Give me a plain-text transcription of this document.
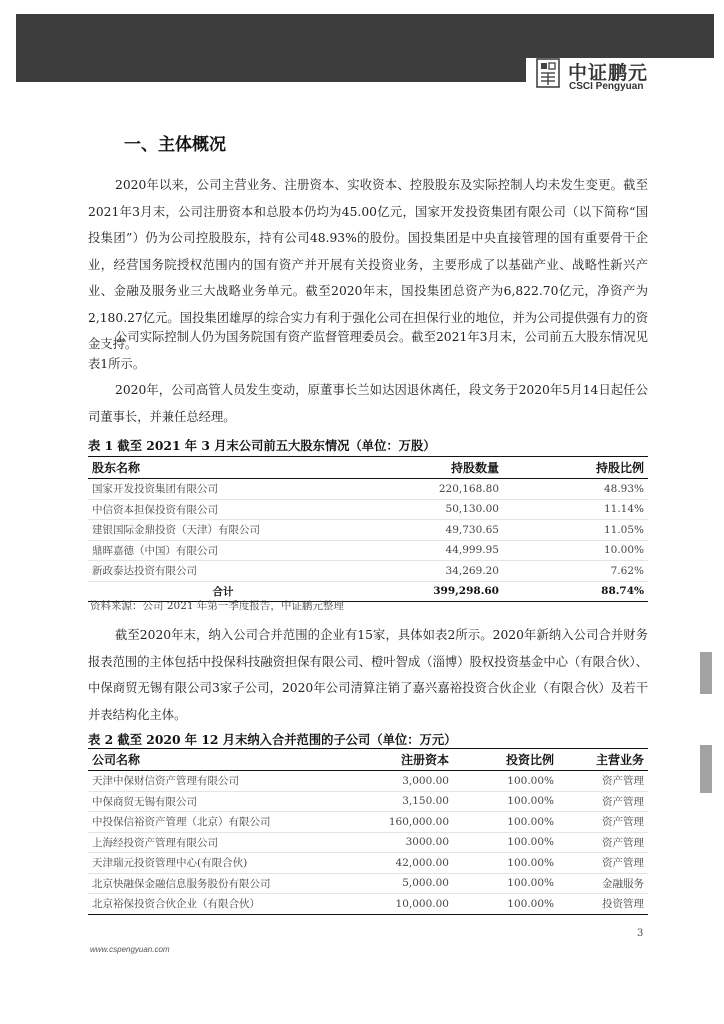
中证鹏元
CSCI Pengyuan
一、主体概况

2020年以来，公司主营业务、注册资本、实收资本、控股股东及实际控制人均未发生变更。截至2021年3月末，公司注册资本和总股本仍均为45.00亿元，国家开发投资集团有限公司（以下简称“国投集团”）仍为公司控股股东，持有公司48.93%的股份。国投集团是中央直接管理的国有重要骨干企业，经营国务院授权范围内的国有资产并开展有关投资业务，主要形成了以基础产业、战略性新兴产业、金融及服务业三大战略业务单元。截至2020年末，国投集团总资产为6,822.70亿元，净资产为2,180.27亿元。国投集团雄厚的综合实力有利于强化公司在担保行业的地位，并为公司提供强有力的资金支持。

公司实际控制人仍为国务院国有资产监督管理委员会。截至2021年3月末，公司前五大股东情况见表1所示。

2020年，公司高管人员发生变动，原董事长兰如达因退休离任，段文务于2020年5月14日起任公司董事长，并兼任总经理。

表 1 截至 2021 年 3 月末公司前五大股东情况（单位：万股）
股东名称	持股数量	持股比例
国家开发投资集团有限公司	220,168.80	48.93%
中信资本担保投资有限公司	50,130.00	11.14%
建银国际金鼎投资（天津）有限公司	49,730.65	11.05%
鼎晖嘉德（中国）有限公司	44,999.95	10.00%
新政泰达投资有限公司	34,269.20	7.62%
合计	399,298.60	88.74%
资料来源：公司 2021 年第一季度报告，中证鹏元整理

截至2020年末，纳入公司合并范围的企业有15家，具体如表2所示。2020年新纳入公司合并财务报表范围的主体包括中投保科技融资担保有限公司、橙叶智成（淄博）股权投资基金中心（有限合伙）、中保商贸无锡有限公司3家子公司，2020年公司清算注销了嘉兴嘉裕投资合伙企业（有限合伙）及若干并表结构化主体。

表 2 截至 2020 年 12 月末纳入合并范围的子公司（单位：万元）
公司名称	注册资本	投资比例	主营业务
天津中保财信资产管理有限公司	3,000.00	100.00%	资产管理
中保商贸无锡有限公司	3,150.00	100.00%	资产管理
中投保信裕资产管理（北京）有限公司	160,000.00	100.00%	资产管理
上海经投资产管理有限公司	3000.00	100.00%	资产管理
天津瑞元投资管理中心(有限合伙)	42,000.00	100.00%	资产管理
北京快融保金融信息服务股份有限公司	5,000.00	100.00%	金融服务
北京裕保投资合伙企业（有限合伙）	10,000.00	100.00%	投资管理
3
www.cspengyuan.com
